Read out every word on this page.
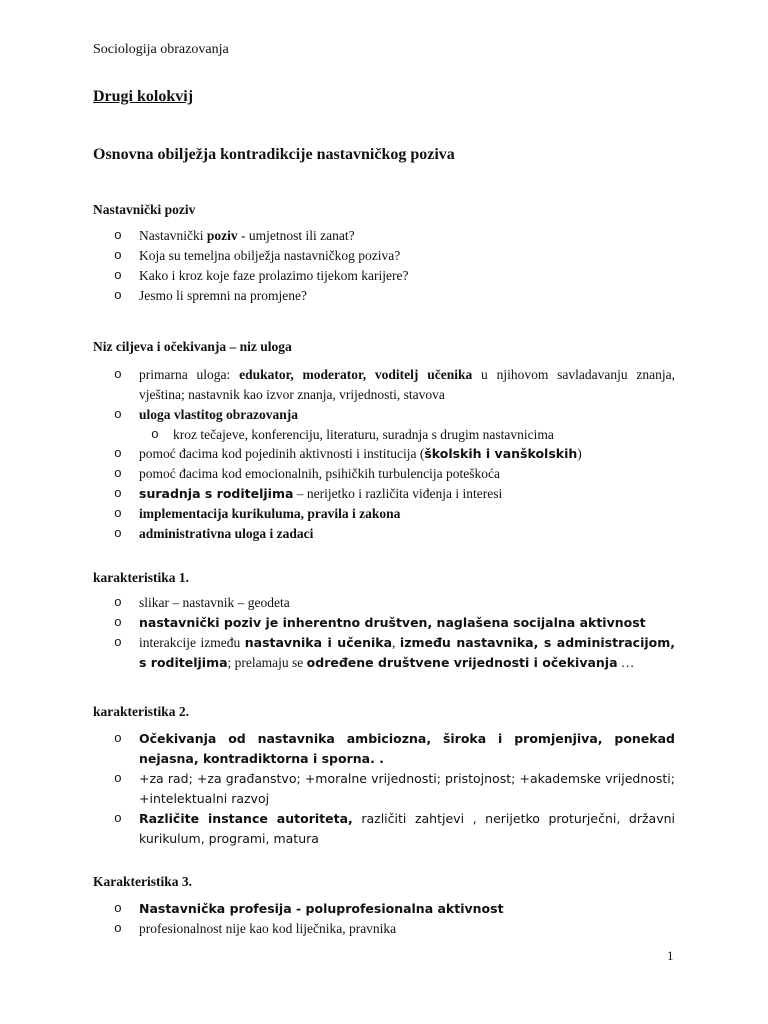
Sociologija obrazovanja
Drugi kolokvij
Osnovna obilježja kontradikcije nastavničkog poziva

Nastavnički poziv

o Nastavnički poziv - umjetnost ili zanat?
o Koja su temeljna obilježja nastavničkog poziva?
o Kako i kroz koje faze prolazimo tijekom karijere?
o Jesmo li spremni na promjene?

Niz ciljeva i očekivanja – niz uloga

o primarna uloga: edukator, moderator, voditelj učenika u njihovom savladavanju znanja, vještina; nastavnik kao izvor znanja, vrijednosti, stavova
o uloga vlastitog obrazovanja
o kroz tečajeve, konferenciju, literaturu, suradnja s drugim nastavnicima
o pomoć đacima kod pojedinih aktivnosti i institucija (školskih i vanškolskih)
o pomoć đacima kod emocionalnih, psihičkih turbulencija poteškoća
o suradnja s roditeljima – nerijetko i različita viđenja i interesi
o implementacija kurikuluma, pravila i zakona
o administrativna uloga i zadaci

karakteristika 1.

o slikar – nastavnik – geodeta
o nastavnički poziv je inherentno društven, naglašena socijalna aktivnost
o interakcije između nastavnika i učenika, između nastavnika, s administracijom, s roditeljima; prelamaju se određene društvene vrijednosti i očekivanja …

karakteristika 2.

o Očekivanja od nastavnika ambiciozna, široka i promjenjiva, ponekad nejasna, kontradiktorna i sporna. .
o +za rad; +za građanstvo; +moralne vrijednosti; pristojnost; +akademske vrijednosti; +intelektualni razvoj
o Različite instance autoriteta, različiti zahtjevi , nerijetko proturječni, državni kurikulum, programi, matura

Karakteristika 3.

o Nastavnička profesija - poluprofesionalna aktivnost
o profesionalnost nije kao kod liječnika, pravnika
1
